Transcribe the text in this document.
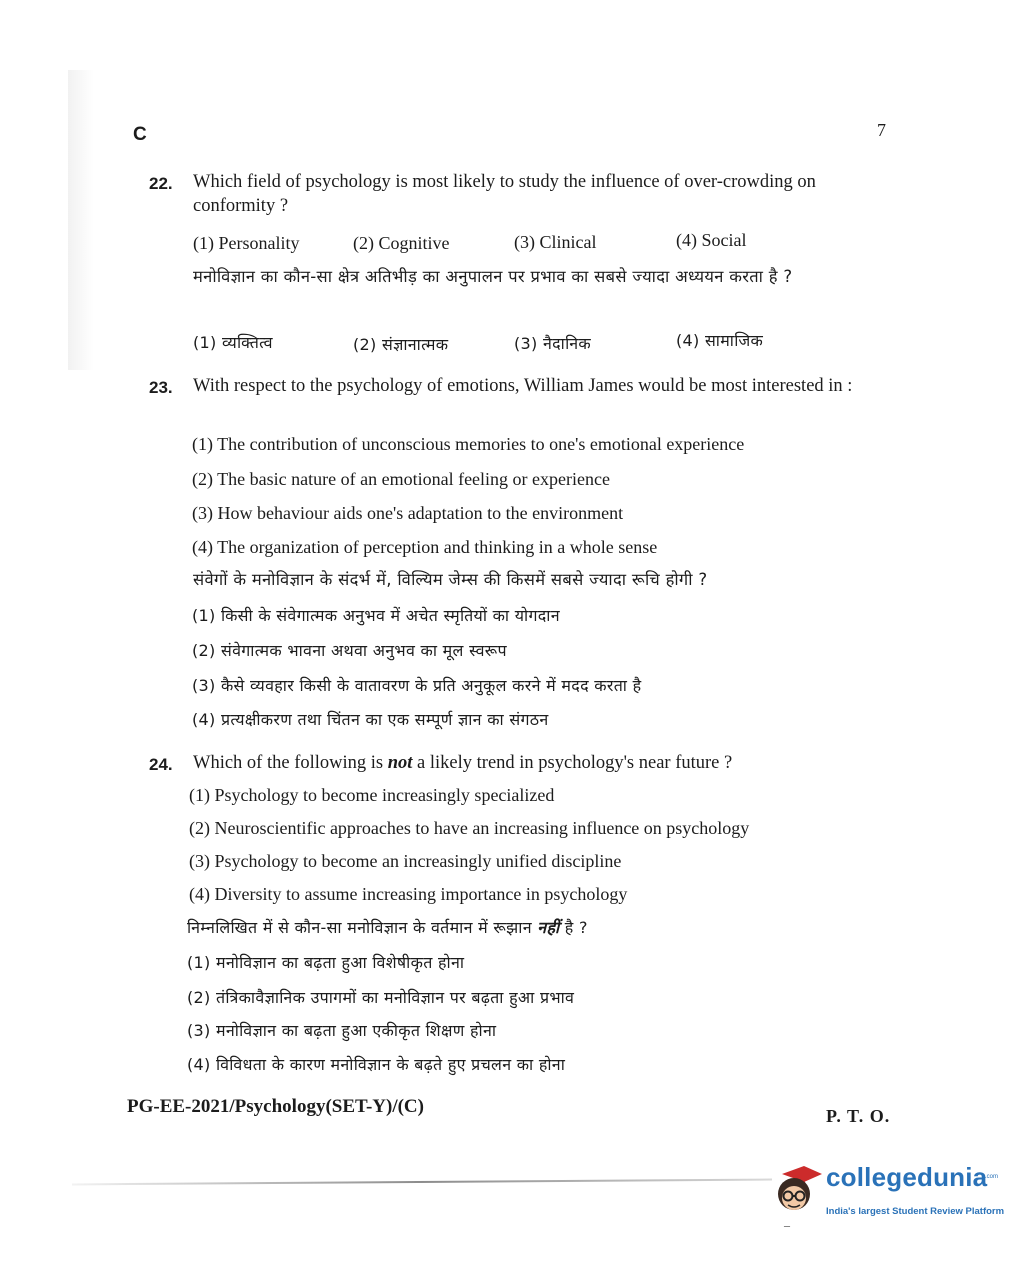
C	7
22. Which field of psychology is most likely to study the influence of over-crowding on conformity ?
(1) Personality	(2) Cognitive	(3) Clinical	(4) Social
मनोविज्ञान का कौन-सा क्षेत्र अतिभीड़ का अनुपालन पर प्रभाव का सबसे ज्यादा अध्ययन करता है ?
(1) व्यक्तित्व	(2) संज्ञानात्मक	(3) नैदानिक	(4) सामाजिक
23. With respect to the psychology of emotions, William James would be most interested in :
(1) The contribution of unconscious memories to one's emotional experience
(2) The basic nature of an emotional feeling or experience
(3) How behaviour aids one's adaptation to the environment
(4) The organization of perception and thinking in a whole sense
संवेगों के मनोविज्ञान के संदर्भ में, विल्यिम जेम्स की किसमें सबसे ज्यादा रूचि होगी ?
(1) किसी के संवेगात्मक अनुभव में अचेत स्मृतियों का योगदान
(2) संवेगात्मक भावना अथवा अनुभव का मूल स्वरूप
(3) कैसे व्यवहार किसी के वातावरण के प्रति अनुकूल करने में मदद करता है
(4) प्रत्यक्षीकरण तथा चिंतन का एक सम्पूर्ण ज्ञान का संगठन
24. Which of the following is not a likely trend in psychology's near future ?
(1) Psychology to become increasingly specialized
(2) Neuroscientific approaches to have an increasing influence on psychology
(3) Psychology to become an increasingly unified discipline
(4) Diversity to assume increasing importance in psychology
निम्नलिखित में से कौन-सा मनोविज्ञान के वर्तमान में रूझान नहीं है ?
(1) मनोविज्ञान का बढ़ता हुआ विशेषीकृत होना
(2) तंत्रिकावैज्ञानिक उपागमों का मनोविज्ञान पर बढ़ता हुआ प्रभाव
(3) मनोविज्ञान का बढ़ता हुआ एकीकृत शिक्षण होना
(4) विविधता के कारण मनोविज्ञान के बढ़ते हुए प्रचलन का होना
PG-EE-2021/Psychology(SET-Y)/(C)	P. T. O.
collegedunia
.com
India's largest Student Review Platform
–
